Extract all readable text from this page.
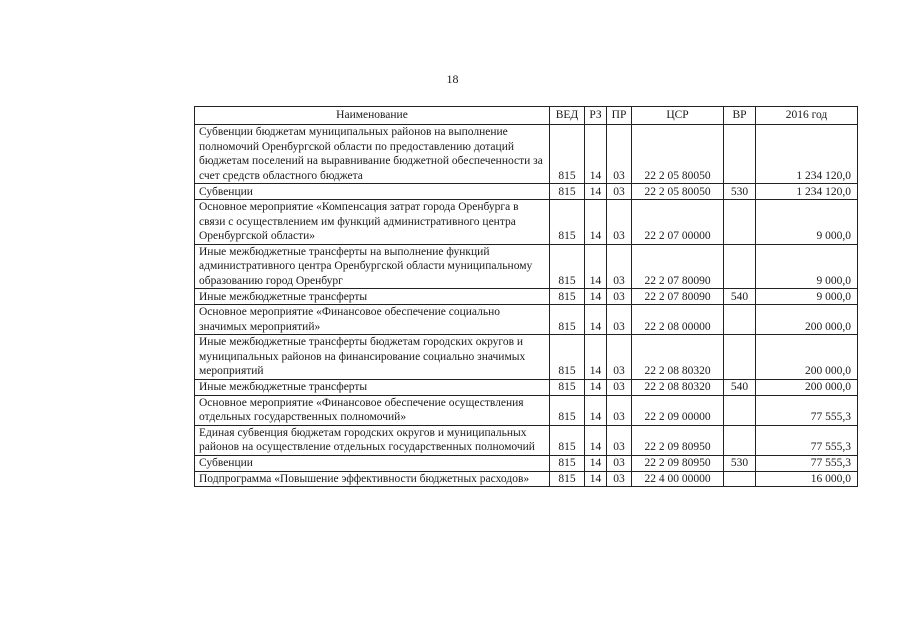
18
Наименование	ВЕД	РЗ	ПР	ЦСР	ВР	2016 год
Субвенции бюджетам муниципальных районов на выполнение полномочий Оренбургской области по предоставлению дотаций бюджетам поселений на выравнивание бюджетной обеспеченности за счет средств областного бюджета	815	14	03	22 2 05 80050		1 234 120,0
Субвенции	815	14	03	22 2 05 80050	530	1 234 120,0
Основное мероприятие «Компенсация затрат города Оренбурга в связи с осуществлением им функций административного центра Оренбургской области»	815	14	03	22 2 07 00000		9 000,0
Иные межбюджетные трансферты на выполнение функций административного центра Оренбургской области муниципальному образованию город Оренбург	815	14	03	22 2 07 80090		9 000,0
Иные межбюджетные трансферты	815	14	03	22 2 07 80090	540	9 000,0
Основное мероприятие «Финансовое обеспечение социально значимых мероприятий»	815	14	03	22 2 08 00000		200 000,0
Иные межбюджетные трансферты бюджетам городских округов и муниципальных районов на финансирование социально значимых мероприятий	815	14	03	22 2 08 80320		200 000,0
Иные межбюджетные трансферты	815	14	03	22 2 08 80320	540	200 000,0
Основное мероприятие «Финансовое обеспечение осуществления отдельных государственных полномочий»	815	14	03	22 2 09 00000		77 555,3
Единая субвенция бюджетам городских округов и муниципальных районов на осуществление отдельных государственных полномочий	815	14	03	22 2 09 80950		77 555,3
Субвенции	815	14	03	22 2 09 80950	530	77 555,3
Подпрограмма «Повышение эффективности бюджетных расходов»	815	14	03	22 4 00 00000		16 000,0
